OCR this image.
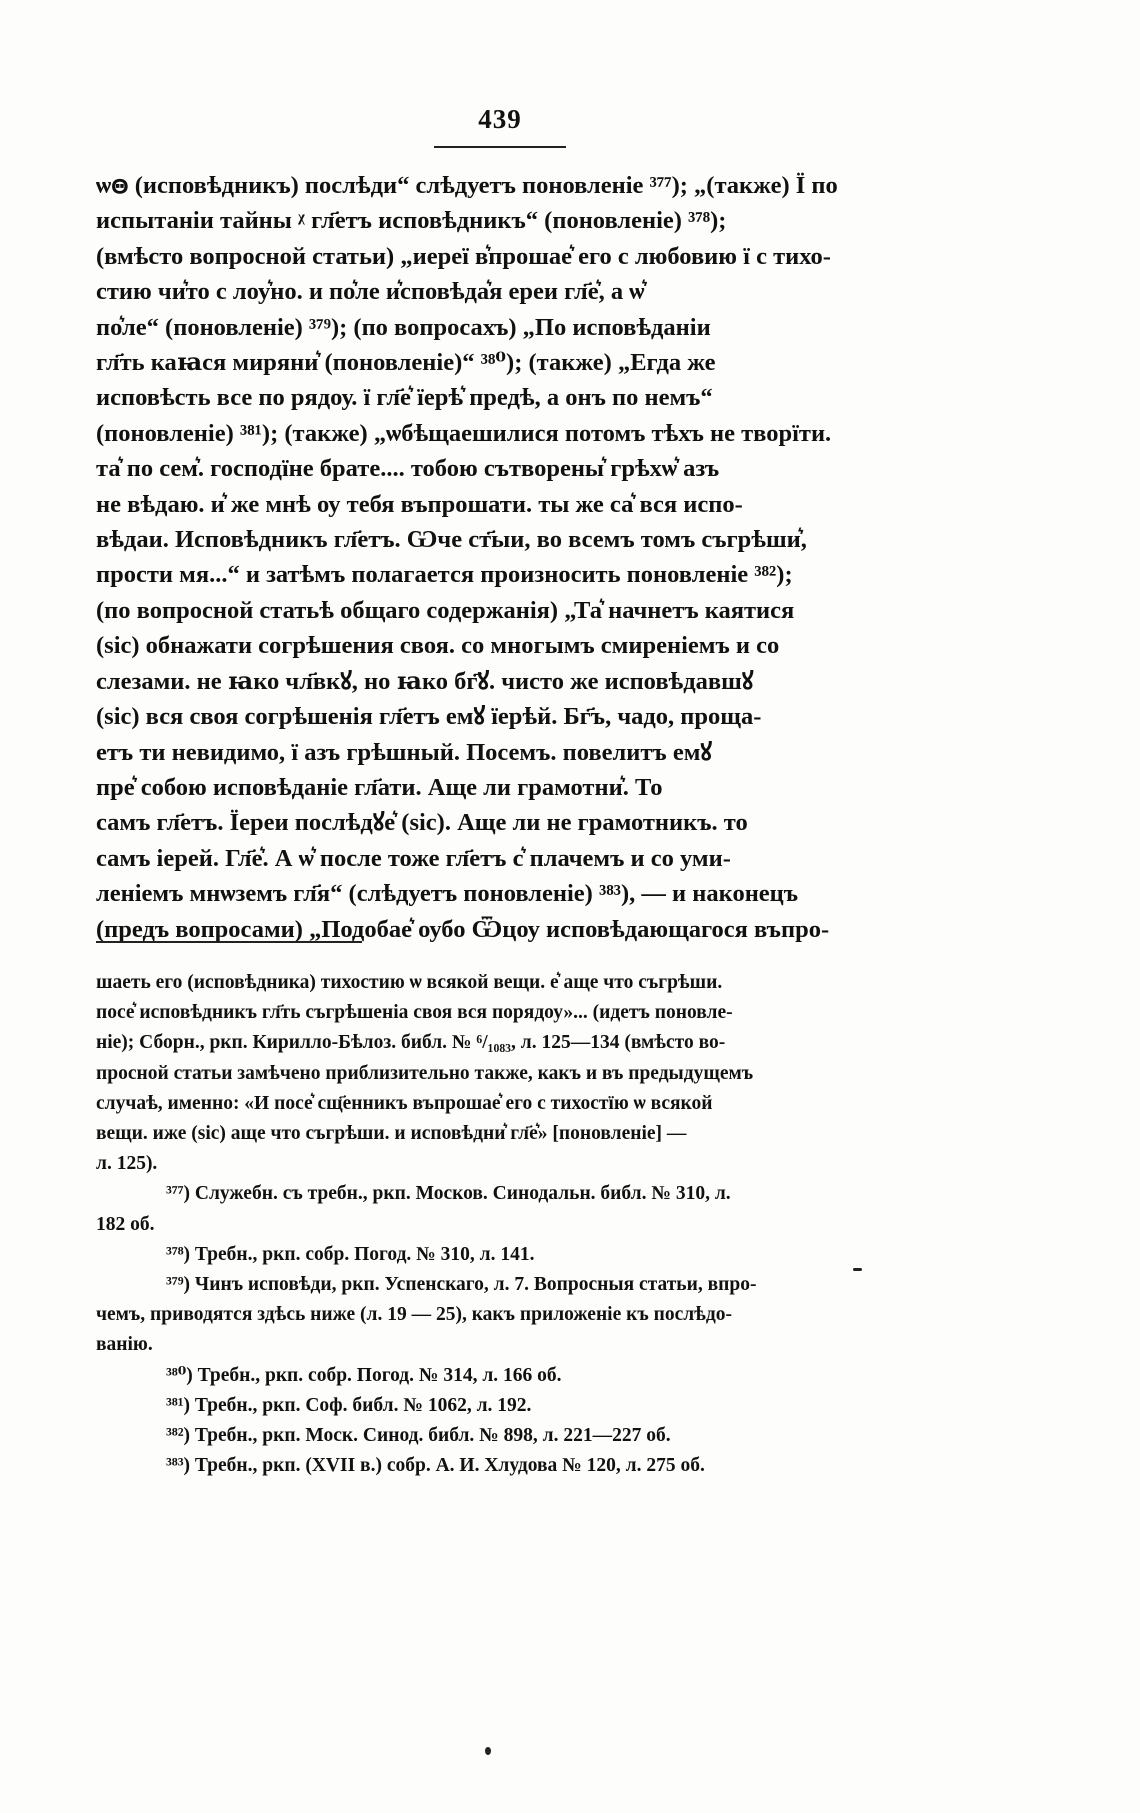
439
ѡꙫ (исповѣдникъ) послѣди“ слѣдуетъ поновленіе ³⁷⁷); „(также) Ї по
испытаніи тайны ᵡ гл҃етъ исповѣдникъ“ (поновленіе) ³⁷⁸);
(вмѣсто вопросной статьи) „иереї в͛прошае͛ его с любовию ї с тихо-
стию чи͛то с лоу͛но. и по͛ле и͛сповѣда͛я ереи гл҃е͛, а ѡ͛
по͛ле“ (поновленіе) ³⁷⁹); (по вопросахъ) „По исповѣданіи
гл҃ть каꙗся миряни͛ (поновленіе)“ ³⁸⁰); (также) „Егда же
исповѣсть все по рядоу. ї гл҃е͛ їерѣ͛ предѣ, а онъ по немъ“
(поновленіе) ³⁸¹); (также) „ѡбѣщаешилися потомъ тѣхъ не творїти.
та͛ по сем͛. господїне брате.... тобою сътворены͛ грѣхѡ͛ азъ
не вѣдаю. и͛ же мнѣ оу тебя въпрошати. ты же са͛ вся испо-
вѣдаи. Исповѣдникъ гл҃етъ. Ѡче ст҃ыи, во всемъ томъ съгрѣши͛,
прости мя...“ и затѣмъ полагается произносить поновленіе ³⁸²);
(по вопросной статьѣ общаго содержанія) „Та͛ начнетъ каятися
(sic) обнажати согрѣшения своя. со многымъ смиреніемъ и со
слезами. не ꙗко чл҃вкꙋ, но ꙗко бг҃ꙋ. чисто же исповѣдавшꙋ
(sic) вся своя согрѣшенія гл҃етъ емꙋ їерѣй. Бг҃ъ, чадо, проща-
етъ ти невидимо, ї азъ грѣшный. Посемъ. повелитъ емꙋ
пре͛ собою исповѣданіе гл҃ати. Аще ли грамотни͛. То
самъ гл҃етъ. Їереи послѣдꙋе͛ (sic). Аще ли не грамотникъ. то
самъ іерей. Гл҃е͛. А ѡ͛ после тоже гл҃етъ с͛ плачемъ и со уми-
леніемъ мнѡземъ гл҃я“ (слѣдуетъ поновленіе) ³⁸³), — и наконецъ
(предъ вопросами) „Подобае͛ оубо Ѿцоу исповѣдающагося въпро-
шаеть его (исповѣдника) тихостию ѡ всякой вещи. е͛ аще что съгрѣши.
посе͛ исповѣдникъ гл҃ть съгрѣшеніа своя вся порядоу»... (идетъ поновле-
ніе); Сборн., ркп. Кирилло-Бѣлоз. библ. № ⁶/₁₀₈₃, л. 125—134 (вмѣсто во-
просной статьи замѣчено приблизительно также, какъ и въ предыдущемъ
случаѣ, именно: «И посе͛ сщ҃енникъ въпрошае͛ его с тихостїю ѡ всякой
вещи. иже (sic) аще что съгрѣши. и исповѣдни͛ гл҃е͛» [поновленіе] —
л. 125).
³⁷⁷) Служебн. съ требн., ркп. Москов. Синодальн. библ. № 310, л.
182 об.
³⁷⁸) Требн., ркп. собр. Погод. № 310, л. 141.
³⁷⁹) Чинъ исповѣди, ркп. Успенскаго, л. 7. Вопросныя статьи, впро-
чемъ, приводятся здѣсь ниже (л. 19 — 25), какъ приложеніе къ послѣдо-
ванію.
³⁸⁰) Требн., ркп. собр. Погод. № 314, л. 166 об.
³⁸¹) Требн., ркп. Соф. библ. № 1062, л. 192.
³⁸²) Требн., ркп. Моск. Синод. библ. № 898, л. 221—227 об.
³⁸³) Требн., ркп. (XVII в.) собр. А. И. Хлудова № 120, л. 275 об.
